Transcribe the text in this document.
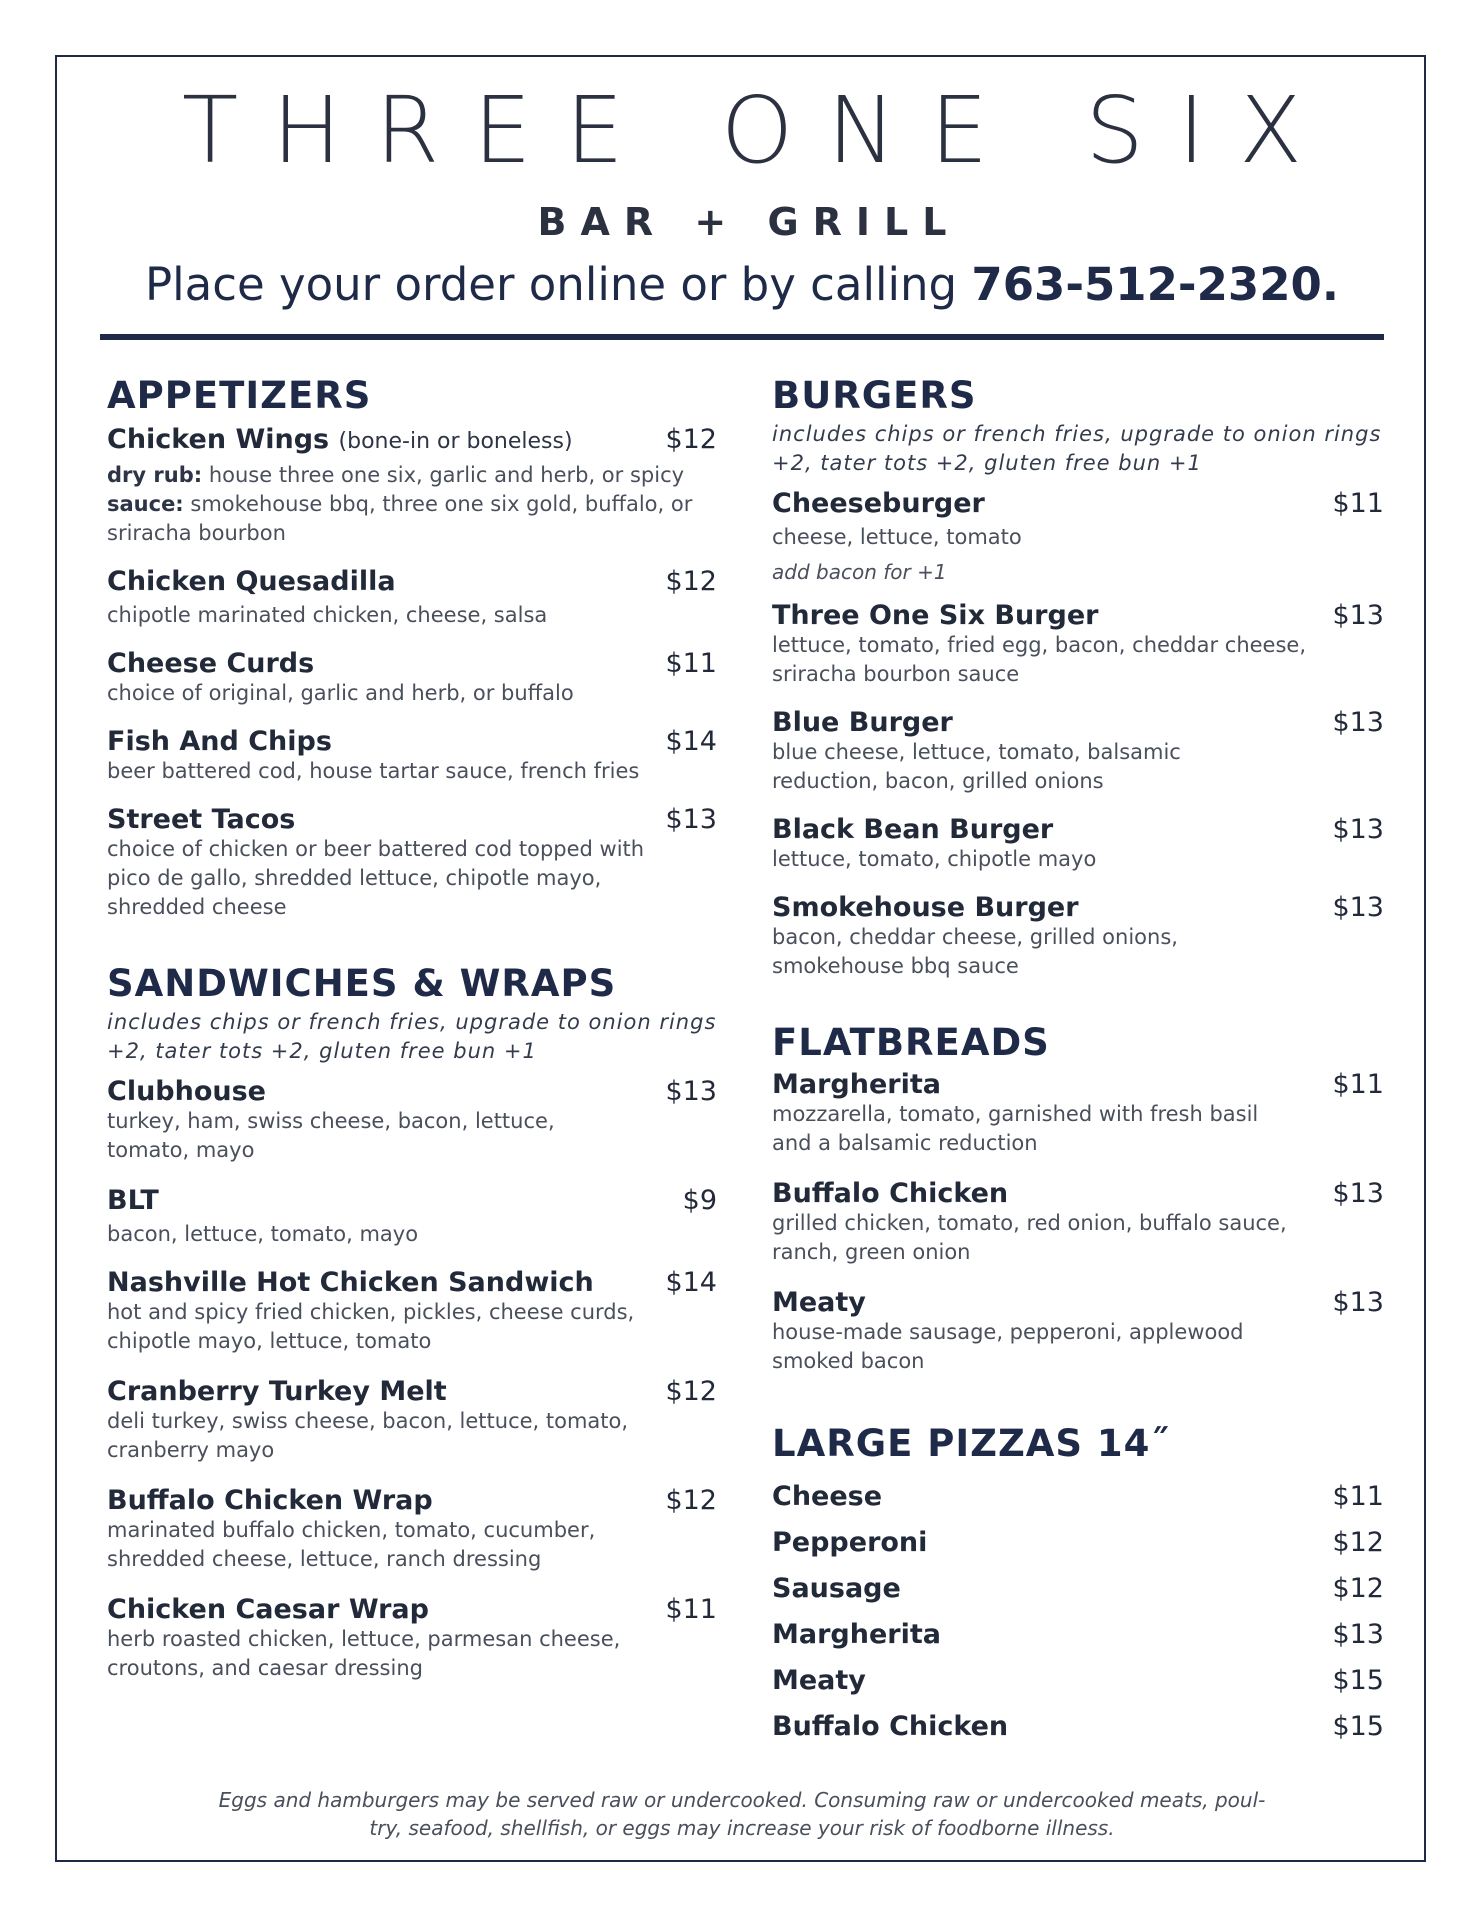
THREE ONE SIX
BAR + GRILL
Place your order online or by calling 763-512-2320.
APPETIZERS
Chicken Wings (bone-in or boneless)	$12
dry rub: house three one six, garlic and herb, or spicy
sauce: smokehouse bbq, three one six gold, buffalo, or sriracha bourbon
Chicken Quesadilla	$12
chipotle marinated chicken, cheese, salsa
Cheese Curds	$11
choice of original, garlic and herb, or buffalo
Fish And Chips	$14
beer battered cod, house tartar sauce, french fries
Street Tacos	$13
choice of chicken or beer battered cod topped with pico de gallo, shredded lettuce, chipotle mayo, shredded cheese
SANDWICHES & WRAPS
includes chips or french fries, upgrade to onion rings +2, tater tots +2, gluten free bun +1
Clubhouse	$13
turkey, ham, swiss cheese, bacon, lettuce, tomato, mayo
BLT	$9
bacon, lettuce, tomato, mayo
Nashville Hot Chicken Sandwich	$14
hot and spicy fried chicken, pickles, cheese curds, chipotle mayo, lettuce, tomato
Cranberry Turkey Melt	$12
deli turkey, swiss cheese, bacon, lettuce, tomato, cranberry mayo
Buffalo Chicken Wrap	$12
marinated buffalo chicken, tomato, cucumber, shredded cheese, lettuce, ranch dressing
Chicken Caesar Wrap	$11
herb roasted chicken, lettuce, parmesan cheese, croutons, and caesar dressing
BURGERS
includes chips or french fries, upgrade to onion rings +2, tater tots +2, gluten free bun +1
Cheeseburger	$11
cheese, lettuce, tomato
add bacon for +1
Three One Six Burger	$13
lettuce, tomato, fried egg, bacon, cheddar cheese, sriracha bourbon sauce
Blue Burger	$13
blue cheese, lettuce, tomato, balsamic reduction, bacon, grilled onions
Black Bean Burger	$13
lettuce, tomato, chipotle mayo
Smokehouse Burger	$13
bacon, cheddar cheese, grilled onions, smokehouse bbq sauce
FLATBREADS
Margherita	$11
mozzarella, tomato, garnished with fresh basil and a balsamic reduction
Buffalo Chicken	$13
grilled chicken, tomato, red onion, buffalo sauce, ranch, green onion
Meaty	$13
house-made sausage, pepperoni, applewood smoked bacon
LARGE PIZZAS 14˝
Cheese	$11
Pepperoni	$12
Sausage	$12
Margherita	$13
Meaty	$15
Buffalo Chicken	$15
Eggs and hamburgers may be served raw or undercooked. Consuming raw or undercooked meats, poul-
try, seafood, shellfish, or eggs may increase your risk of foodborne illness.
